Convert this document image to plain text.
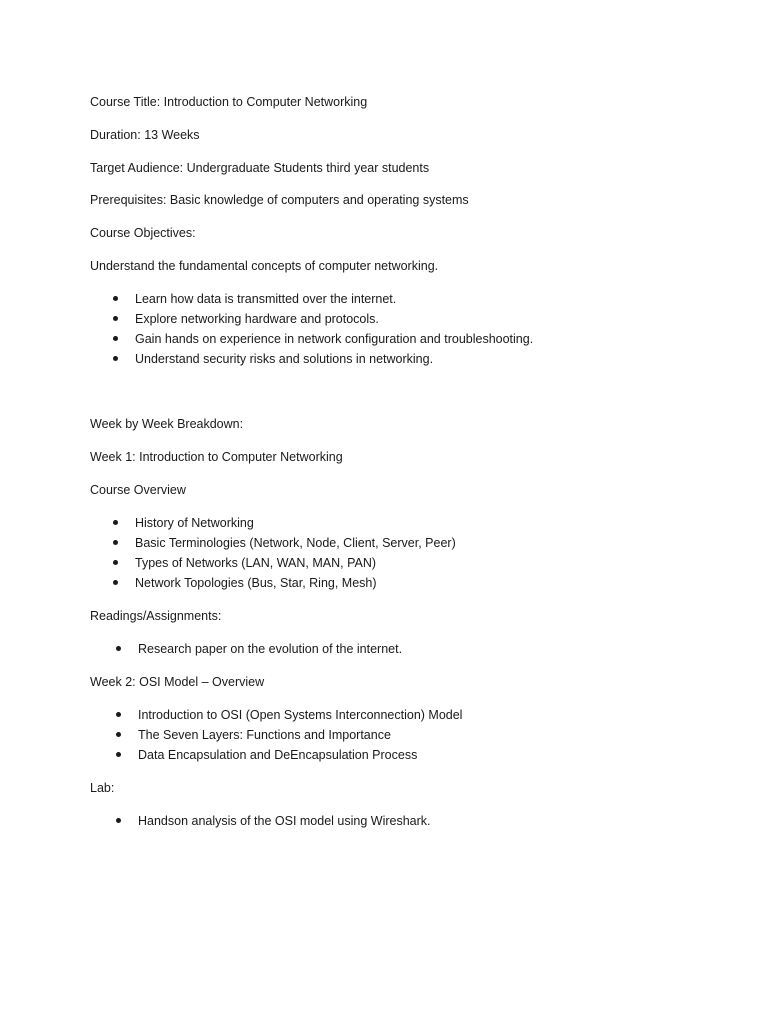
Course Title: Introduction to Computer Networking
Duration: 13 Weeks
Target Audience: Undergraduate Students third year students
Prerequisites: Basic knowledge of computers and operating systems
Course Objectives:
Understand the fundamental concepts of computer networking.
Learn how data is transmitted over the internet.
Explore networking hardware and protocols.
Gain hands on experience in network configuration and troubleshooting.
Understand security risks and solutions in networking.
Week by Week Breakdown:
Week 1: Introduction to Computer Networking
Course Overview
History of Networking
Basic Terminologies (Network, Node, Client, Server, Peer)
Types of Networks (LAN, WAN, MAN, PAN)
Network Topologies (Bus, Star, Ring, Mesh)
Readings/Assignments:
Research paper on the evolution of the internet.
Week 2: OSI Model – Overview
Introduction to OSI (Open Systems Interconnection) Model
The Seven Layers: Functions and Importance
Data Encapsulation and DeEncapsulation Process
Lab:
Handson analysis of the OSI model using Wireshark.
